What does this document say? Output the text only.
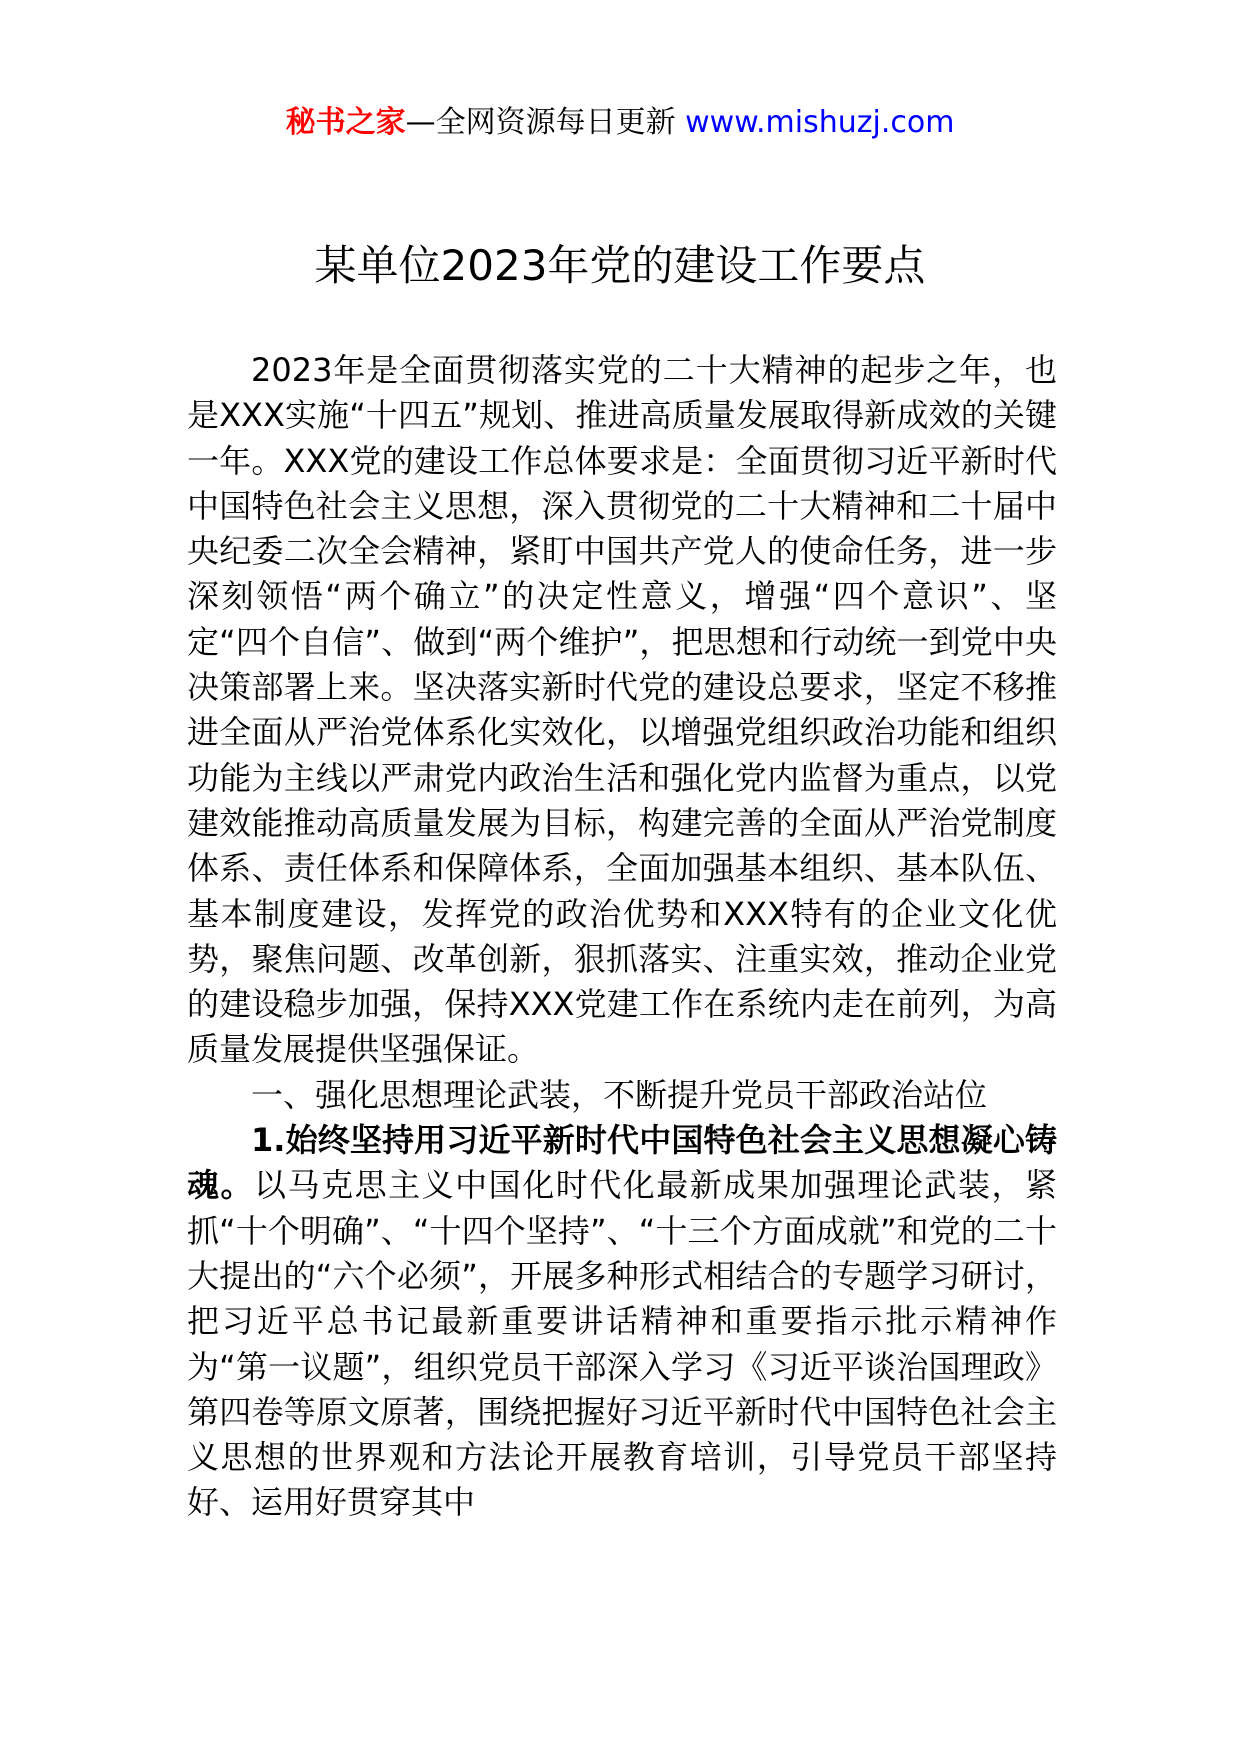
秘书之家—全网资源每日更新 www.mishuzj.com
某单位2023年党的建设工作要点

2023年是全面贯彻落实党的二十大精神的起步之年，也是XXX实施“十四五”规划、推进高质量发展取得新成效的关键一年。XXX党的建设工作总体要求是：全面贯彻习近平新时代中国特色社会主义思想，深入贯彻党的二十大精神和二十届中央纪委二次全会精神，紧盯中国共产党人的使命任务，进一步深刻领悟“两个确立”的决定性意义，增强“四个意识”、坚定“四个自信”、做到“两个维护”，把思想和行动统一到党中央决策部署上来。坚决落实新时代党的建设总要求，坚定不移推进全面从严治党体系化实效化，以增强党组织政治功能和组织功能为主线以严肃党内政治生活和强化党内监督为重点，以党建效能推动高质量发展为目标，构建完善的全面从严治党制度体系、责任体系和保障体系，全面加强基本组织、基本队伍、基本制度建设，发挥党的政治优势和XXX特有的企业文化优势，聚焦问题、改革创新，狠抓落实、注重实效，推动企业党的建设稳步加强，保持XXX党建工作在系统内走在前列，为高质量发展提供坚强保证。

一、强化思想理论武装，不断提升党员干部政治站位

1.始终坚持用习近平新时代中国特色社会主义思想凝心铸魂。以马克思主义中国化时代化最新成果加强理论武装，紧抓“十个明确”、“十四个坚持”、“十三个方面成就”和党的二十大提出的“六个必须”，开展多种形式相结合的专题学习研讨，把习近平总书记最新重要讲话精神和重要指示批示精神作为“第一议题”，组织党员干部深入学习《习近平谈治国理政》第四卷等原文原著，围绕把握好习近平新时代中国特色社会主义思想的世界观和方法论开展教育培训，引导党员干部坚持好、运用好贯穿其中
